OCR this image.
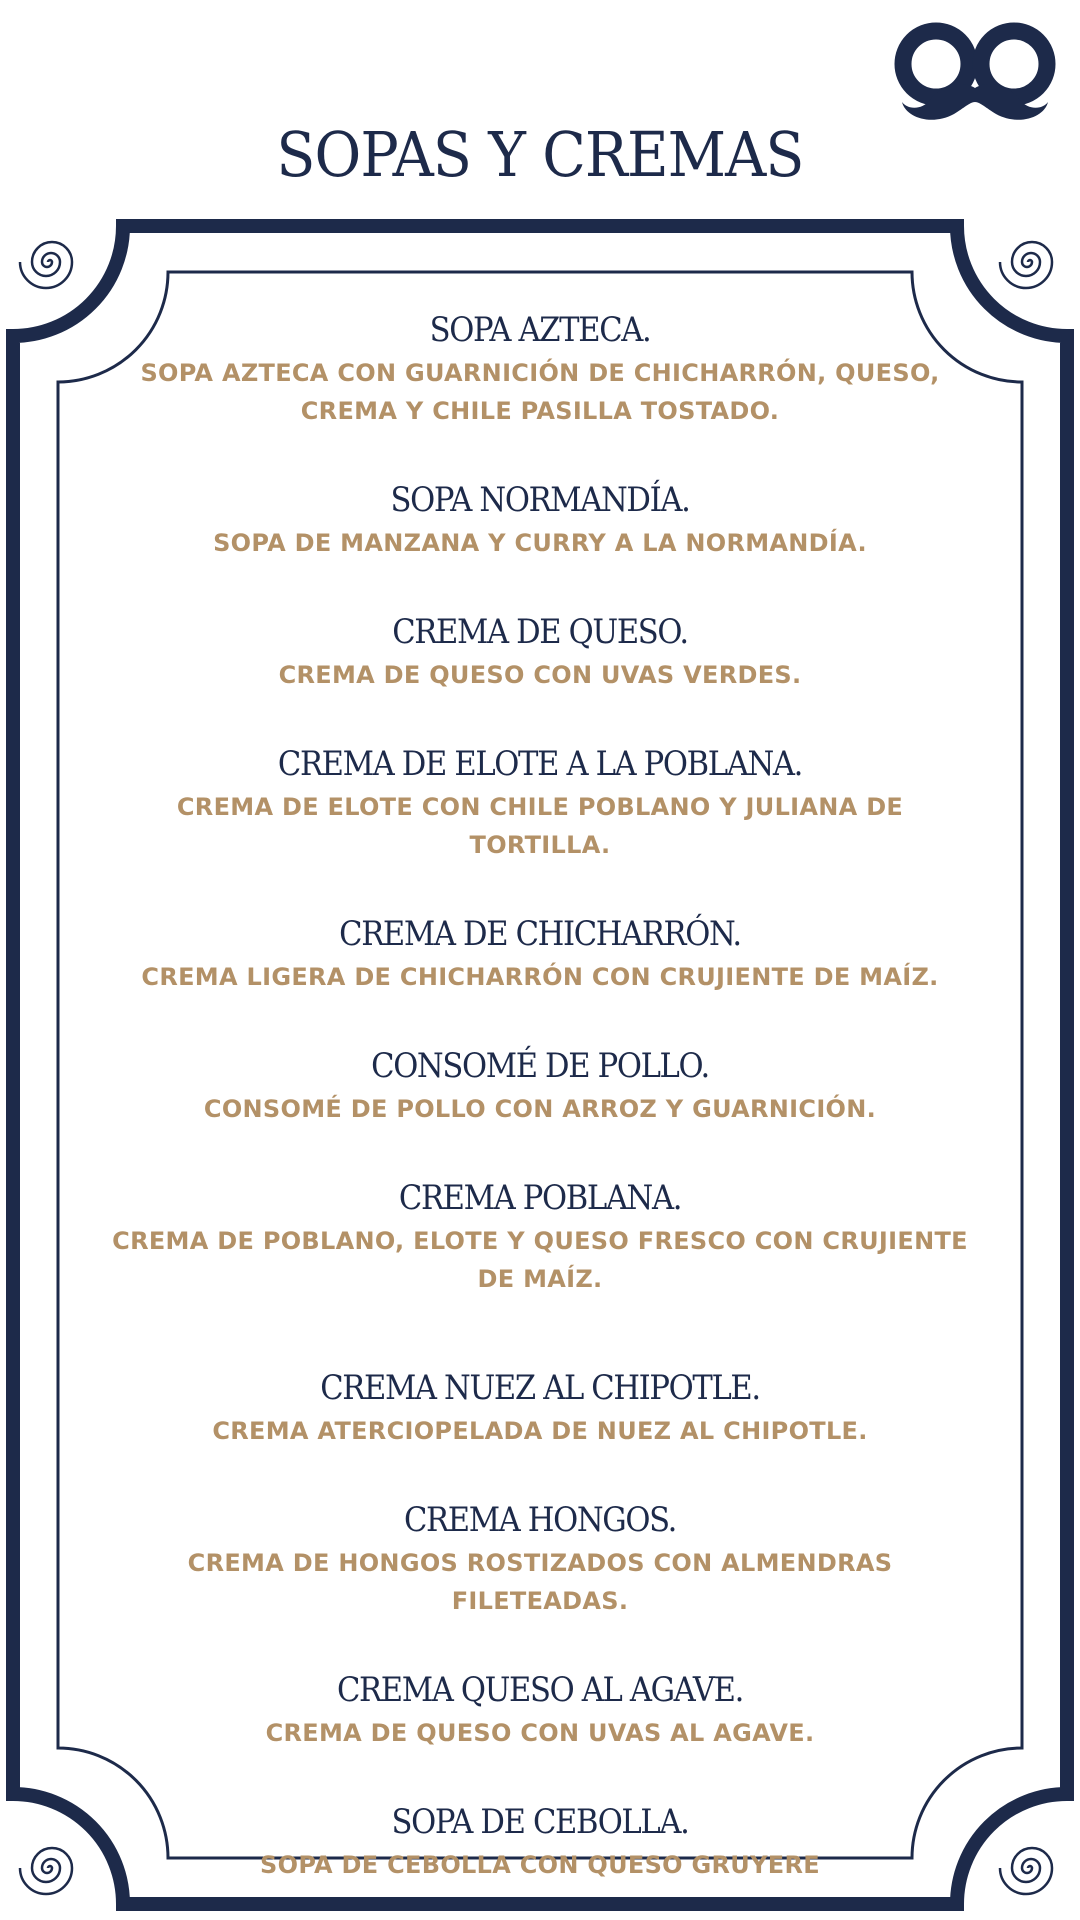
SOPAS Y CREMAS
SOPA AZTECA.

SOPA AZTECA CON GUARNICIÓN DE CHICHARRÓN, QUESO, CREMA Y CHILE PASILLA TOSTADO.

SOPA NORMANDÍA.

SOPA DE MANZANA Y CURRY A LA NORMANDÍA.

CREMA DE QUESO.

CREMA DE QUESO CON UVAS VERDES.

CREMA DE ELOTE A LA POBLANA.

CREMA DE ELOTE CON CHILE POBLANO Y JULIANA DE TORTILLA.

CREMA DE CHICHARRÓN.

CREMA LIGERA DE CHICHARRÓN CON CRUJIENTE DE MAÍZ.

CONSOMÉ DE POLLO.

CONSOMÉ DE POLLO CON ARROZ Y GUARNICIÓN.

CREMA POBLANA.

CREMA DE POBLANO, ELOTE Y QUESO FRESCO CON CRUJIENTE DE MAÍZ.

CREMA NUEZ AL CHIPOTLE.

CREMA ATERCIOPELADA DE NUEZ AL CHIPOTLE.

CREMA HONGOS.

CREMA DE HONGOS ROSTIZADOS CON ALMENDRAS FILETEADAS.

CREMA QUESO AL AGAVE.

CREMA DE QUESO CON UVAS AL AGAVE.

SOPA DE CEBOLLA.

SOPA DE CEBOLLA CON QUESO GRUYERE
